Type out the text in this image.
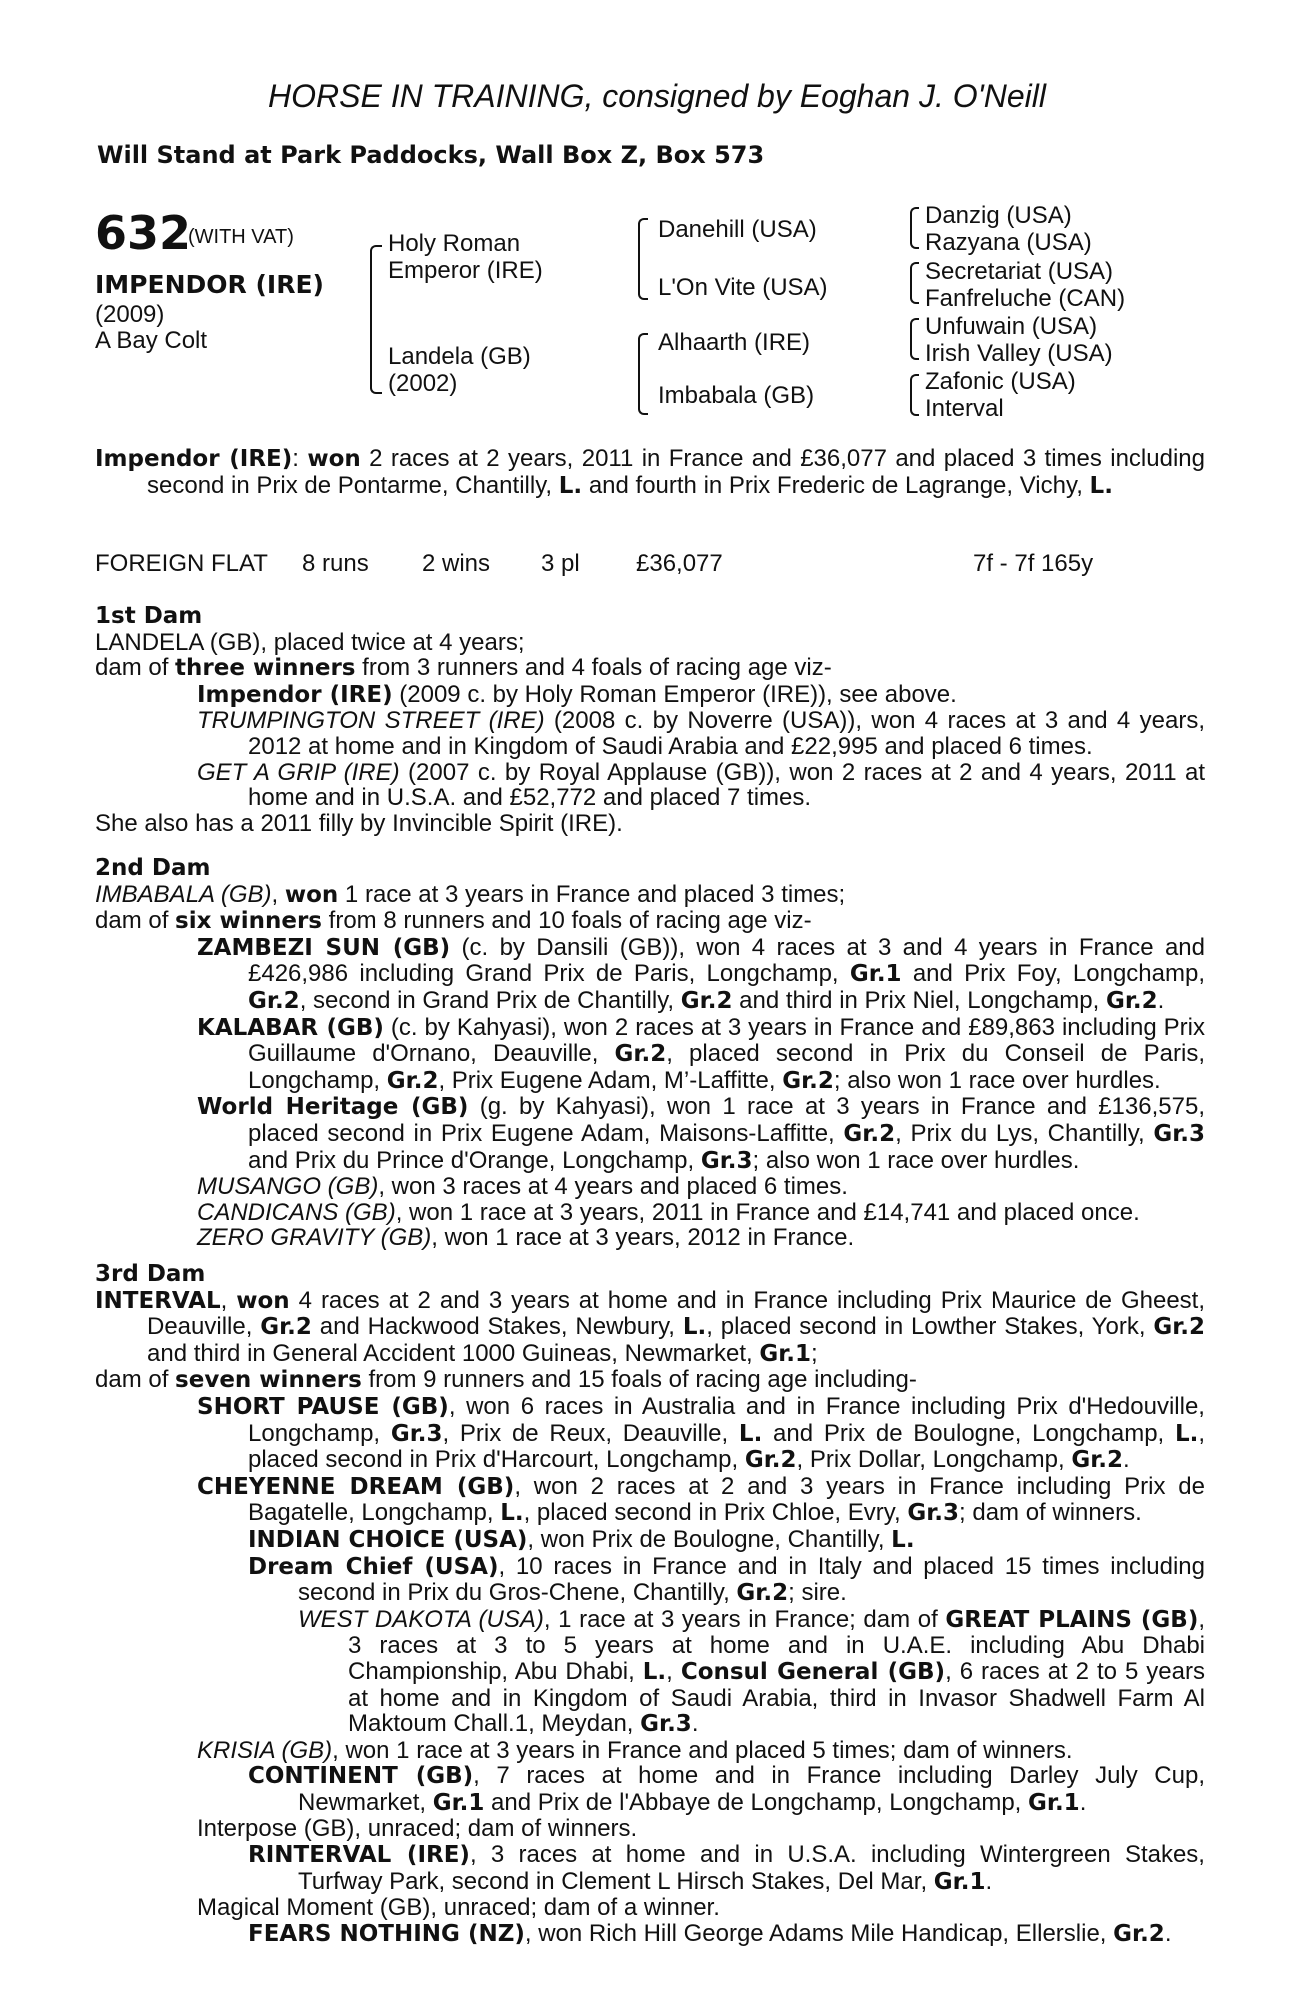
HORSE IN TRAINING, consigned by Eoghan J. O'Neill
Will Stand at Park Paddocks, Wall Box Z, Box 573
632
(WITH VAT)
IMPENDOR (IRE)
(2009)
A Bay Colt
Holy Roman
Emperor (IRE)
Landela (GB)
(2002)
Danehill (USA)
L'On Vite (USA)
Alhaarth (IRE)
Imbabala (GB)
Danzig (USA)
Razyana (USA)
Secretariat (USA)
Fanfreluche (CAN)
Unfuwain (USA)
Irish Valley (USA)
Zafonic (USA)
Interval

Impendor (IRE): won 2 races at 2 years, 2011 in France and £36,077 and placed 3 times including second in Prix de Pontarme, Chantilly, L. and fourth in Prix Frederic de Lagrange, Vichy, L.

FOREIGN FLAT 8 runs 2 wins 3 pl £36,077	7f - 7f 165y

1st Dam

LANDELA (GB), placed twice at 4 years;

dam of three winners from 3 runners and 4 foals of racing age viz-

Impendor (IRE) (2009 c. by Holy Roman Emperor (IRE)), see above.

TRUMPINGTON STREET (IRE) (2008 c. by Noverre (USA)), won 4 races at 3 and 4 years, 2012 at home and in Kingdom of Saudi Arabia and £22,995 and placed 6 times.

GET A GRIP (IRE) (2007 c. by Royal Applause (GB)), won 2 races at 2 and 4 years, 2011 at home and in U.S.A. and £52,772 and placed 7 times.

She also has a 2011 filly by Invincible Spirit (IRE).

2nd Dam

IMBABALA (GB), won 1 race at 3 years in France and placed 3 times;

dam of six winners from 8 runners and 10 foals of racing age viz-

ZAMBEZI SUN (GB) (c. by Dansili (GB)), won 4 races at 3 and 4 years in France and £426,986 including Grand Prix de Paris, Longchamp, Gr.1 and Prix Foy, Longchamp, Gr.2, second in Grand Prix de Chantilly, Gr.2 and third in Prix Niel, Longchamp, Gr.2.

KALABAR (GB) (c. by Kahyasi), won 2 races at 3 years in France and £89,863 including Prix Guillaume d'Ornano, Deauville, Gr.2, placed second in Prix du Conseil de Paris, Longchamp, Gr.2, Prix Eugene Adam, M’-Laffitte, Gr.2; also won 1 race over hurdles.

World Heritage (GB) (g. by Kahyasi), won 1 race at 3 years in France and £136,575, placed second in Prix Eugene Adam, Maisons-Laffitte, Gr.2, Prix du Lys, Chantilly, Gr.3 and Prix du Prince d'Orange, Longchamp, Gr.3; also won 1 race over hurdles.

MUSANGO (GB), won 3 races at 4 years and placed 6 times.

CANDICANS (GB), won 1 race at 3 years, 2011 in France and £14,741 and placed once.

ZERO GRAVITY (GB), won 1 race at 3 years, 2012 in France.

3rd Dam

INTERVAL, won 4 races at 2 and 3 years at home and in France including Prix Maurice de Gheest, Deauville, Gr.2 and Hackwood Stakes, Newbury, L., placed second in Lowther Stakes, York, Gr.2 and third in General Accident 1000 Guineas, Newmarket, Gr.1;

dam of seven winners from 9 runners and 15 foals of racing age including-

SHORT PAUSE (GB), won 6 races in Australia and in France including Prix d'Hedouville, Longchamp, Gr.3, Prix de Reux, Deauville, L. and Prix de Boulogne, Longchamp, L., placed second in Prix d'Harcourt, Longchamp, Gr.2, Prix Dollar, Longchamp, Gr.2.

CHEYENNE DREAM (GB), won 2 races at 2 and 3 years in France including Prix de Bagatelle, Longchamp, L., placed second in Prix Chloe, Evry, Gr.3; dam of winners.

INDIAN CHOICE (USA), won Prix de Boulogne, Chantilly, L.

Dream Chief (USA), 10 races in France and in Italy and placed 15 times including second in Prix du Gros-Chene, Chantilly, Gr.2; sire.

WEST DAKOTA (USA), 1 race at 3 years in France; dam of GREAT PLAINS (GB), 3 races at 3 to 5 years at home and in U.A.E. including Abu Dhabi Championship, Abu Dhabi, L., Consul General (GB), 6 races at 2 to 5 years at home and in Kingdom of Saudi Arabia, third in Invasor Shadwell Farm Al Maktoum Chall.1, Meydan, Gr.3.

KRISIA (GB), won 1 race at 3 years in France and placed 5 times; dam of winners.

CONTINENT (GB), 7 races at home and in France including Darley July Cup, Newmarket, Gr.1 and Prix de l'Abbaye de Longchamp, Longchamp, Gr.1.

Interpose (GB), unraced; dam of winners.

RINTERVAL (IRE), 3 races at home and in U.S.A. including Wintergreen Stakes, Turfway Park, second in Clement L Hirsch Stakes, Del Mar, Gr.1.

Magical Moment (GB), unraced; dam of a winner.

FEARS NOTHING (NZ), won Rich Hill George Adams Mile Handicap, Ellerslie, Gr.2.
